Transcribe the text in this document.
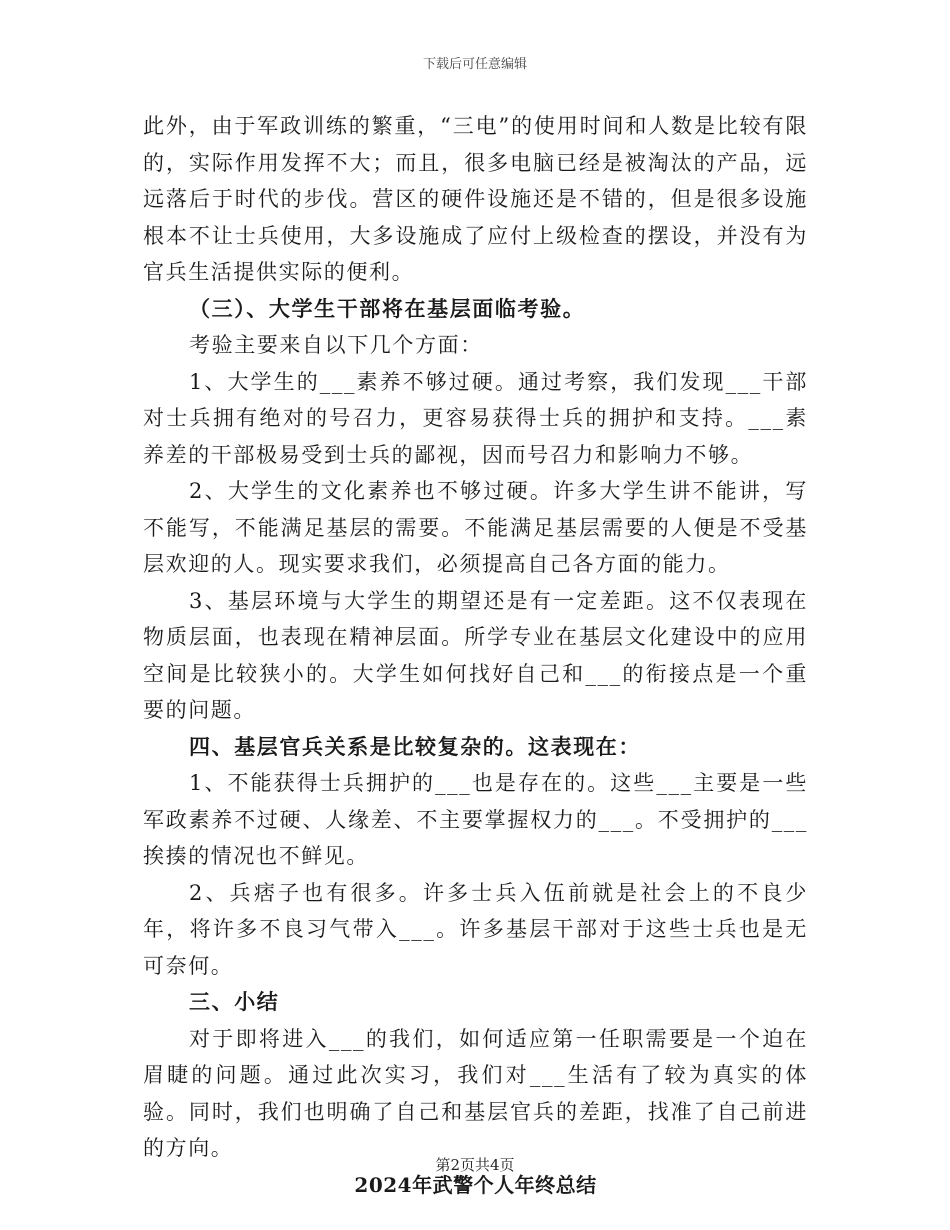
下载后可任意编辑

此外，由于军政训练的繁重，“三电”的使用时间和人数是比较有限的，实际作用发挥不大；而且，很多电脑已经是被淘汰的产品，远远落后于时代的步伐。营区的硬件设施还是不错的，但是很多设施根本不让士兵使用，大多设施成了应付上级检查的摆设，并没有为官兵生活提供实际的便利。

（三）、大学生干部将在基层面临考验。

考验主要来自以下几个方面：

1、大学生的___素养不够过硬。通过考察，我们发现___干部对士兵拥有绝对的号召力，更容易获得士兵的拥护和支持。___素养差的干部极易受到士兵的鄙视，因而号召力和影响力不够。

2、大学生的文化素养也不够过硬。许多大学生讲不能讲，写不能写，不能满足基层的需要。不能满足基层需要的人便是不受基层欢迎的人。现实要求我们，必须提高自己各方面的能力。

3、基层环境与大学生的期望还是有一定差距。这不仅表现在物质层面，也表现在精神层面。所学专业在基层文化建设中的应用空间是比较狭小的。大学生如何找好自己和___的衔接点是一个重要的问题。

四、基层官兵关系是比较复杂的。这表现在：

1、不能获得士兵拥护的___也是存在的。这些___主要是一些军政素养不过硬、人缘差、不主要掌握权力的___。不受拥护的___挨揍的情况也不鲜见。

2、兵痞子也有很多。许多士兵入伍前就是社会上的不良少年，将许多不良习气带入___。许多基层干部对于这些士兵也是无可奈何。

三、小结

对于即将进入___的我们，如何适应第一任职需要是一个迫在眉睫的问题。通过此次实习，我们对___生活有了较为真实的体验。同时，我们也明确了自己和基层官兵的差距，找准了自己前进的方向。

2024年武警个人年终总结

第2页共4页
